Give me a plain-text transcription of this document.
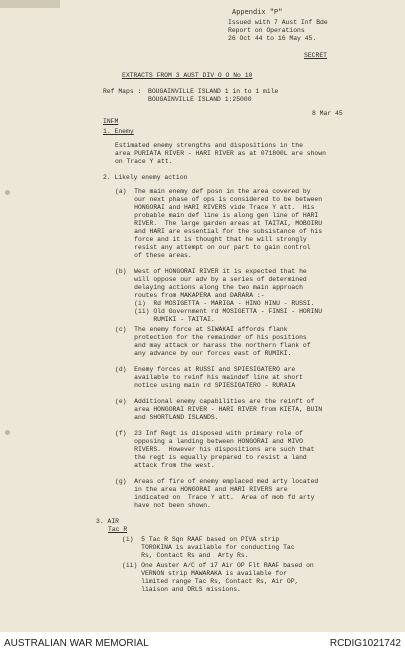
Appendix "P"
Issued with 7 Aust Inf Bde
Report on Operations
26 Oct 44 to 16 May 45.
SECRET
EXTRACTS FROM 3 AUST DIV O O No 10
Ref Maps : BOUGAINVILLE ISLAND 1 in to 1 mile
BOUGAINVILLE ISLAND 1:25000
8 Mar 45
INFM
1. Enemy
Estimated enemy strengths and dispositions in the
area PURIATA RIVER - HARI RIVER as at 071800L are shown
on Trace Y att.
2. Likely enemy action
(a)  The main enemy def posn in the area covered by
our next phase of ops is considered to be between
HONGORAI and HARI RIVERS vide Trace Y att.  His
probable main def line is along gen line of HARI
RIVER.  The large garden areas at TAITAI, MOBOIRU
and HARI are essential for the subsistance of his
force and it is thought that he will strongly
resist any attempt on our part to gain control
of these areas.
(b)  West of HONGORAI RIVER it is expected that he
will oppose our adv by a series of determined
delaying actions along the two main approach
routes from MAKAPERA and DARARA :-
(i)  Rd MOSIGETTA - MARIGA - HINO HINU - RUSSI.
(ii) Old Government rd MOSIGETTA - FINSI - HORINU
RUMIKI - TAITAI.
(c)  The enemy force at SIWAKAI affords flank
protection for the remainder of his positions
and may attack or harass the northern flank of
any advance by our forces east of RUMIKI.
(d)  Enemy forces at RUSSI and SPIESIGATERO are
available to reinf his maindef line at short
notice using main rd SPIESIGATERO - RURAIA
(e)  Additional enemy capabilities are the reinft of
area HONGORAI RIVER - HARI RIVER from KIETA, BUIN
and SHORTLAND ISLANDS.
(f)  23 Inf Regt is disposed with primary role of
opposing a landing between HONGORAI and MIVO
RIVERS.  However his dispositions are such that
the regt is equally prepared to resist a land
attack from the west.
(g)  Areas of fire of enemy emplaced med arty located
in the area HONGORAI and HARI RIVERS are
indicated on  Trace Y att.  Area of mob fd arty
have not been shown.
3. AIR
Tac R
(i)  5 Tac R Sqn RAAF based on PIVA strip
TOROKINA is available for conducting Tac
Rs, Contact Rs and  Arty Rs.
(ii) One Auster A/C of 17 Air OP Flt RAAF based on
VERNON strip MAWARAKA is available for
limited range Tac Rs, Contact Rs, Air OP,
liaison and DRLS missions.
AUSTRALIAN WAR MEMORIAL	RCDIG1021742
